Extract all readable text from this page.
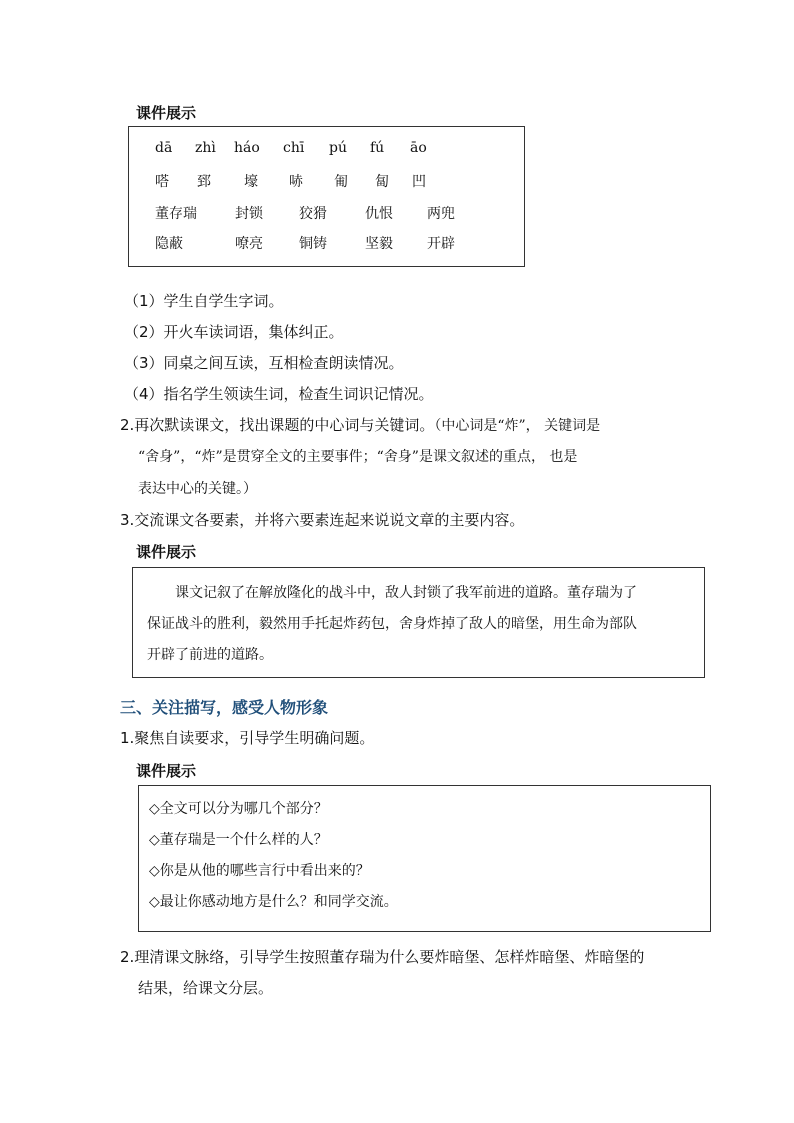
课件展示
dā zhì háo chī pú fú āo
嗒 郅 壕 哧 匍 匐 凹
董存瑞	封锁	狡猾	仇恨 两兜
隐蔽	嘹亮	铜铸	坚毅 开辟
（1）学生自学生字词。
（2）开火车读词语，集体纠正。
（3）同桌之间互读，互相检查朗读情况。
（4）指名学生领读生词，检查生词识记情况。
2.再次默读课文，找出课题的中心词与关键词。（中心词是“炸”， 关键词是
“舍身”，“炸”是贯穿全文的主要事件；“舍身”是课文叙述的重点， 也是
表达中心的关键。）
3.交流课文各要素，并将六要素连起来说说文章的主要内容。
课件展示
课文记叙了在解放隆化的战斗中，敌人封锁了我军前进的道路。董存瑞为了
保证战斗的胜利，毅然用手托起炸药包，舍身炸掉了敌人的暗堡，用生命为部队
开辟了前进的道路。
三、关注描写，感受人物形象
1.聚焦自读要求，引导学生明确问题。
课件展示
◇全文可以分为哪几个部分？
◇董存瑞是一个什么样的人？
◇你是从他的哪些言行中看出来的？
◇最让你感动地方是什么？和同学交流。
2.理清课文脉络，引导学生按照董存瑞为什么要炸暗堡、怎样炸暗堡、炸暗堡的
结果，给课文分层。
